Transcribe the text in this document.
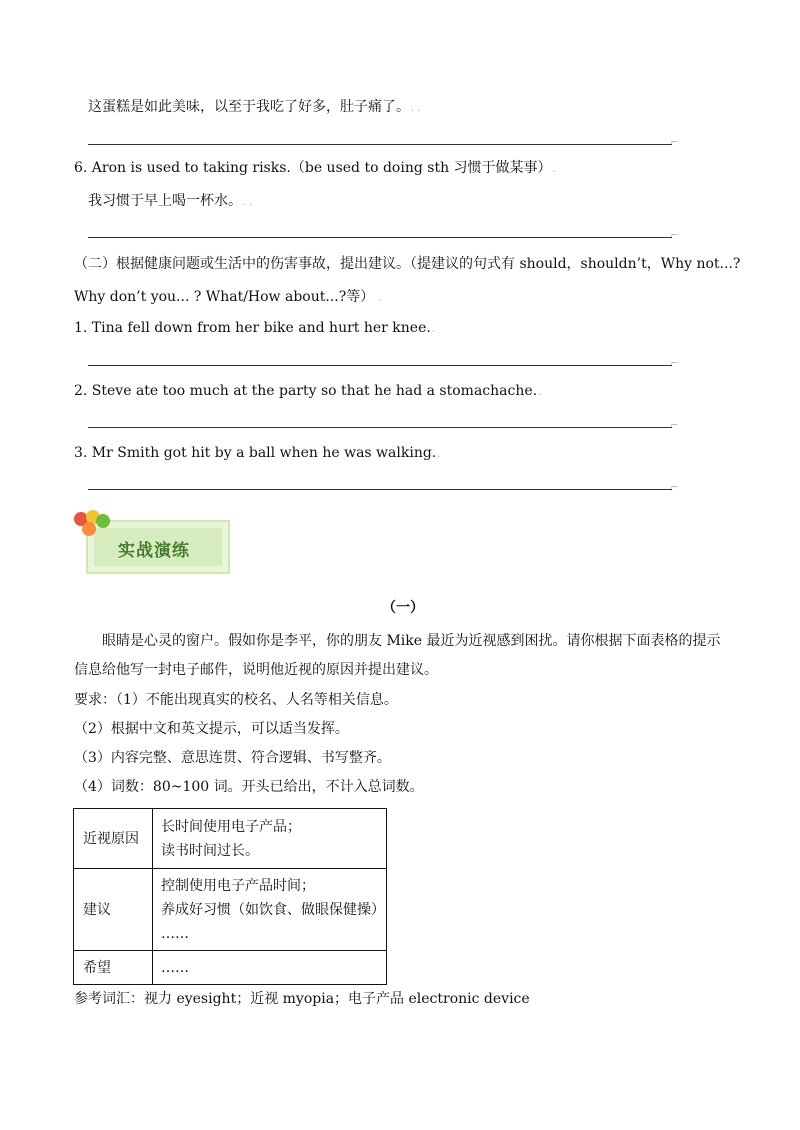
这蛋糕是如此美味，以至于我吃了好多，肚子痛了。. .
⌐
6. Aron is used to taking risks.（be used to doing sth 习惯于做某事）.
我习惯于早上喝一杯水。. .
⌐
（二）根据健康问题或生活中的伤害事故，提出建议。（提建议的句式有 should，shouldn’t，Why not...?
Why don’t you... ? What/How about...?等） .
1. Tina fell down from her bike and hurt her knee..
⌐
2. Steve ate too much at the party so that he had a stomachache..
⌐
3. Mr Smith got hit by a ball when he was walking..
⌐
实战演练
（一）
眼睛是心灵的窗户。假如你是李平，你的朋友 Mike 最近为近视感到困扰。请你根据下面表格的提示
信息给他写一封电子邮件，说明他近视的原因并提出建议。
要求：（1）不能出现真实的校名、人名等相关信息。
（2）根据中文和英文提示，可以适当发挥。
（3）内容完整、意思连贯、符合逻辑、书写整齐。
（4）词数：80~100 词。开头已给出，不计入总词数。
近视原因	长时间使用电子产品；
读书时间过长。

建议	控制使用电子产品时间；
养成好习惯（如饮食、做眼保健操）
……

希望	……
参考词汇：视力 eyesight；近视 myopia；电子产品 electronic device
